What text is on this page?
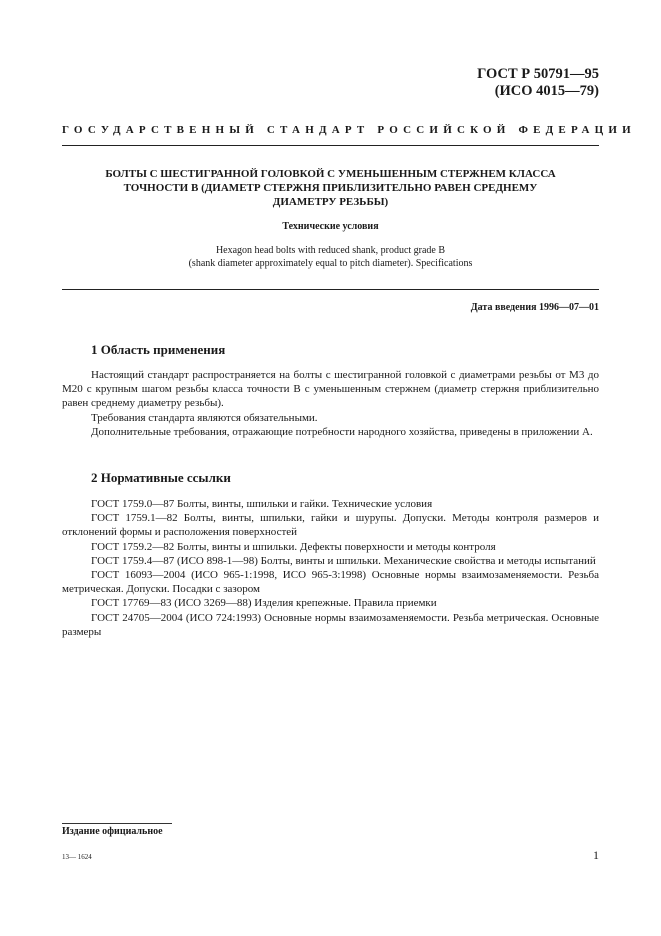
ГОСТ Р 50791—95
(ИСО 4015—79)
ГОСУДАРСТВЕННЫЙ СТАНДАРТ РОССИЙСКОЙ ФЕДЕРАЦИИ
БОЛТЫ С ШЕСТИГРАННОЙ ГОЛОВКОЙ С УМЕНЬШЕННЫМ СТЕРЖНЕМ КЛАССА
ТОЧНОСТИ В (ДИАМЕТР СТЕРЖНЯ ПРИБЛИЗИТЕЛЬНО РАВЕН СРЕДНЕМУ
ДИАМЕТРУ РЕЗЬБЫ)
Технические условия
Hexagon head bolts with reduced shank, product grade B
(shank diameter approximately equal to pitch diameter). Specifications
Дата введения 1996—07—01
1 Область применения

Настоящий стандарт распространяется на болты с шестигранной головкой с диаметрами резьбы от М3 до М20 с крупным шагом резьбы класса точности В с уменьшенным стержнем (диаметр стержня приблизительно равен среднему диаметру резьбы).

Требования стандарта являются обязательными.

Дополнительные требования, отражающие потребности народного хозяйства, приведены в приложении А.

2 Нормативные ссылки

ГОСТ 1759.0—87 Болты, винты, шпильки и гайки. Технические условия

ГОСТ 1759.1—82 Болты, винты, шпильки, гайки и шурупы. Допуски. Методы контроля размеров и отклонений формы и расположения поверхностей

ГОСТ 1759.2—82 Болты, винты и шпильки. Дефекты поверхности и методы контроля

ГОСТ 1759.4—87 (ИСО 898-1—98) Болты, винты и шпильки. Механические свойства и методы испытаний

ГОСТ 16093—2004 (ИСО 965-1:1998, ИСО 965-3:1998) Основные нормы взаимозаменяемости. Резьба метрическая. Допуски. Посадки с зазором

ГОСТ 17769—83 (ИСО 3269—88) Изделия крепежные. Правила приемки

ГОСТ 24705—2004 (ИСО 724:1993) Основные нормы взаимозаменяемости. Резьба метрическая. Основные размеры

Издание официальное
13— 1624	1
